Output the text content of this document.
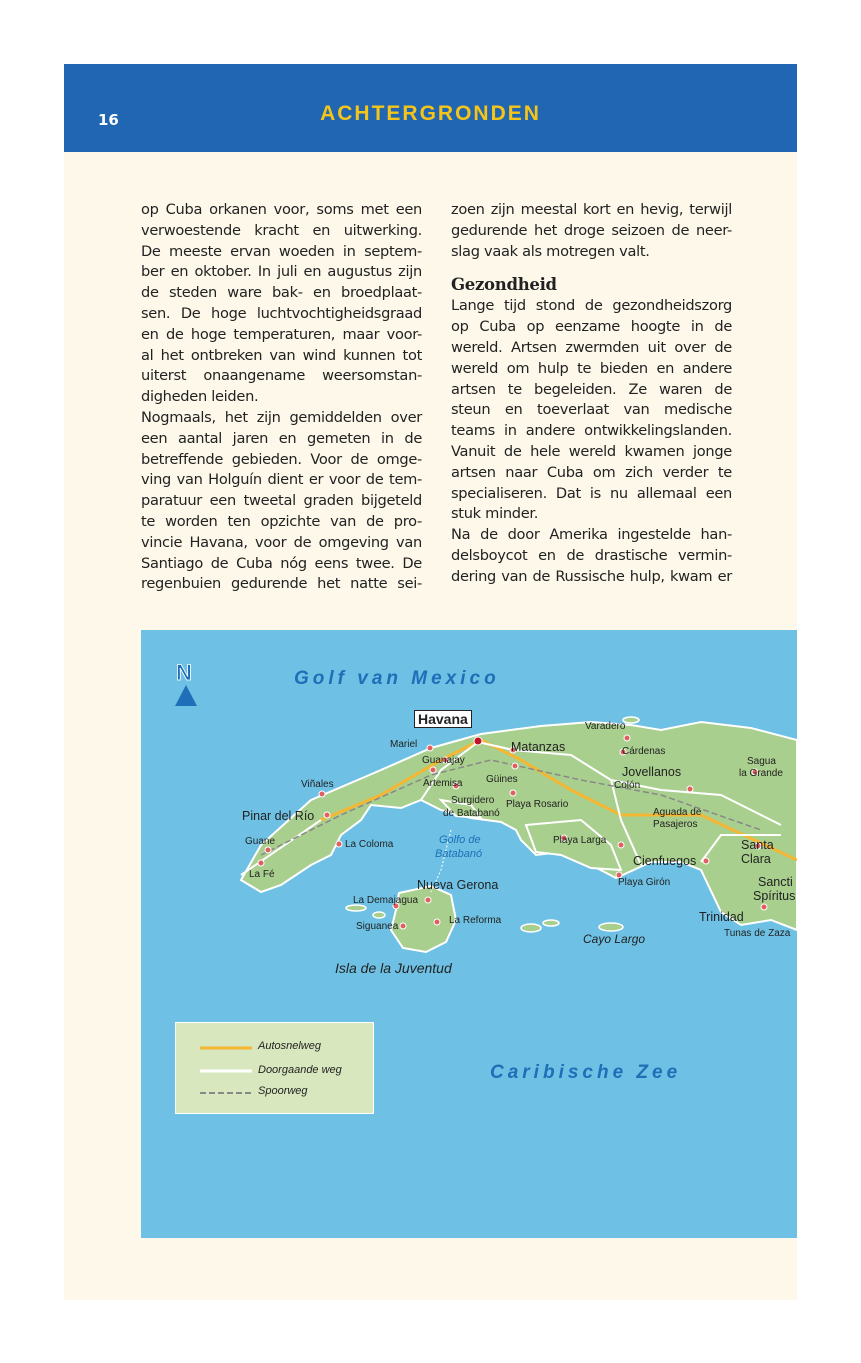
16	ACHTERGRONDEN
op Cuba orkanen voor, soms met een
verwoestende kracht en uitwerking.
De meeste ervan woeden in septem-
ber en oktober. In juli en augustus zijn
de steden ware bak- en broedplaat-
sen. De hoge luchtvochtigheidsgraad
en de hoge temperaturen, maar voor-
al het ontbreken van wind kunnen tot
uiterst onaangename weersomstan-
digheden leiden.
Nogmaals, het zijn gemiddelden over
een aantal jaren en gemeten in de
betreffende gebieden. Voor de omge-
ving van Holguín dient er voor de tem-
paratuur een tweetal graden bijgeteld
te worden ten opzichte van de pro-
vincie Havana, voor de omgeving van
Santiago de Cuba nóg eens twee. De
regenbuien gedurende het natte sei-
zoen zijn meestal kort en hevig, terwijl
gedurende het droge seizoen de neer-
slag vaak als motregen valt.
Gezondheid
Lange tijd stond de gezondheidszorg
op Cuba op eenzame hoogte in de
wereld. Artsen zwermden uit over de
wereld om hulp te bieden en andere
artsen te begeleiden. Ze waren de
steun en toeverlaat van medische
teams in andere ontwikkelingslanden.
Vanuit de hele wereld kwamen jonge
artsen naar Cuba om zich verder te
specialiseren. Dat is nu allemaal een
stuk minder.
Na de door Amerika ingestelde han-
delsboycot en de drastische vermin-
dering van de Russische hulp, kwam er
N	Golf van Mexico
Caribische Zee
Golfo de
Batabanó
Havana
Mariel
Guanajay
Artemisa Güines
Matanzas
Varadero
Cárdenas
Jovellanos
Colón
Viñales
Pinar del Río
Guane
La Fé
La Coloma
Surgidero
de Batabanó
Playa Rosario
Playa Larga
Aguada de
Pasajeros
Cienfuegos
Playa Girón
Sagua
la Grande
Santa
Clara
Sancti
Spíritus
Trinidad
Tunas de Zaza
Nueva Gerona
La Demajagua
La Reforma
Siguanea
Cayo Largo
Isla de la Juventud
Autosnelweg
Doorgaande weg
Spoorweg
